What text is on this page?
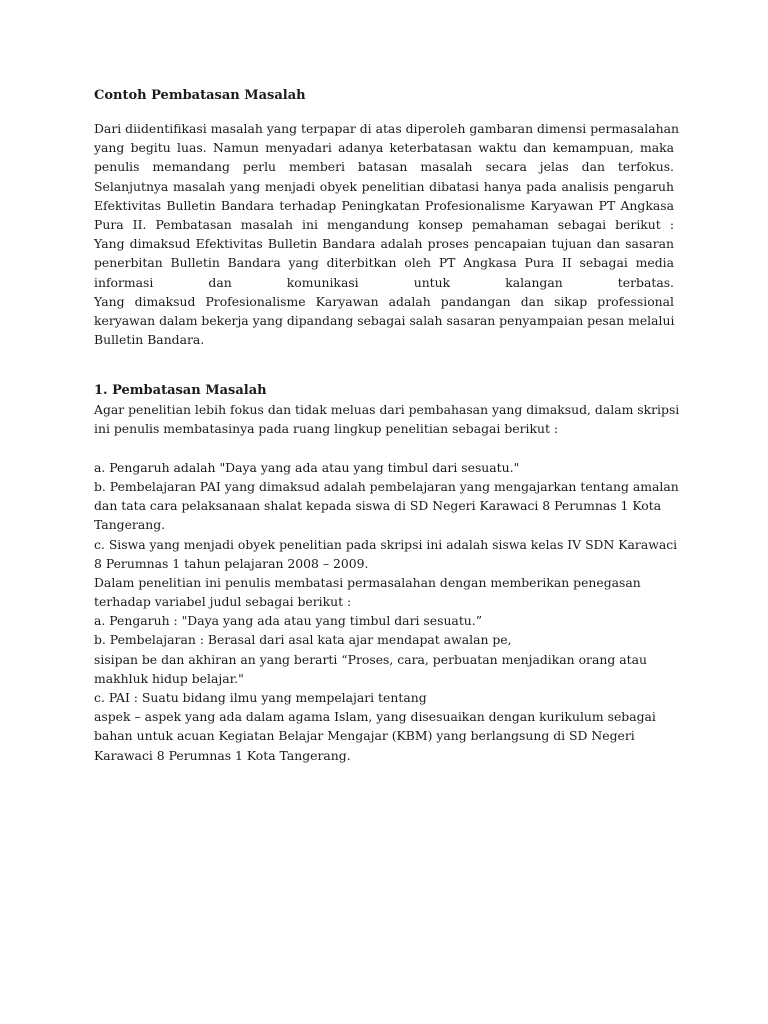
Contoh Pembatasan Masalah
Dari diidentifikasi masalah yang terpapar di atas diperoleh gambaran dimensi permasalahan
yang begitu luas. Namun menyadari adanya keterbatasan waktu dan kemampuan, maka
penulis memandang perlu memberi batasan masalah secara jelas dan terfokus.
Selanjutnya masalah yang menjadi obyek penelitian dibatasi hanya pada analisis pengaruh
Efektivitas Bulletin Bandara terhadap Peningkatan Profesionalisme Karyawan PT Angkasa
Pura II. Pembatasan masalah ini mengandung konsep pemahaman sebagai berikut :
Yang dimaksud Efektivitas Bulletin Bandara adalah proses pencapaian tujuan dan sasaran
penerbitan Bulletin Bandara yang diterbitkan oleh PT Angkasa Pura II sebagai media
informasi dan komunikasi untuk kalangan terbatas.
Yang dimaksud Profesionalisme Karyawan adalah pandangan dan sikap professional
keryawan dalam bekerja yang dipandang sebagai salah sasaran penyampaian pesan melalui
Bulletin Bandara.
1. Pembatasan Masalah
Agar penelitian lebih fokus dan tidak meluas dari pembahasan yang dimaksud, dalam skripsi
ini penulis membatasinya pada ruang lingkup penelitian sebagai berikut :
a. Pengaruh adalah "Daya yang ada atau yang timbul dari sesuatu."
b. Pembelajaran PAI yang dimaksud adalah pembelajaran yang mengajarkan tentang amalan
dan tata cara pelaksanaan shalat kepada siswa di SD Negeri Karawaci 8 Perumnas 1 Kota
Tangerang.
c. Siswa yang menjadi obyek penelitian pada skripsi ini adalah siswa kelas IV SDN Karawaci
8 Perumnas 1 tahun pelajaran 2008 – 2009.
Dalam penelitian ini penulis membatasi permasalahan dengan memberikan penegasan
terhadap variabel judul sebagai berikut :
a. Pengaruh : "Daya yang ada atau yang timbul dari sesuatu.”
b. Pembelajaran : Berasal dari asal kata ajar mendapat awalan pe,
sisipan be dan akhiran an yang berarti “Proses, cara, perbuatan menjadikan orang atau
makhluk hidup belajar."
c. PAI : Suatu bidang ilmu yang mempelajari tentang
aspek – aspek yang ada dalam agama Islam, yang disesuaikan dengan kurikulum sebagai
bahan untuk acuan Kegiatan Belajar Mengajar (KBM) yang berlangsung di SD Negeri
Karawaci 8 Perumnas 1 Kota Tangerang.
